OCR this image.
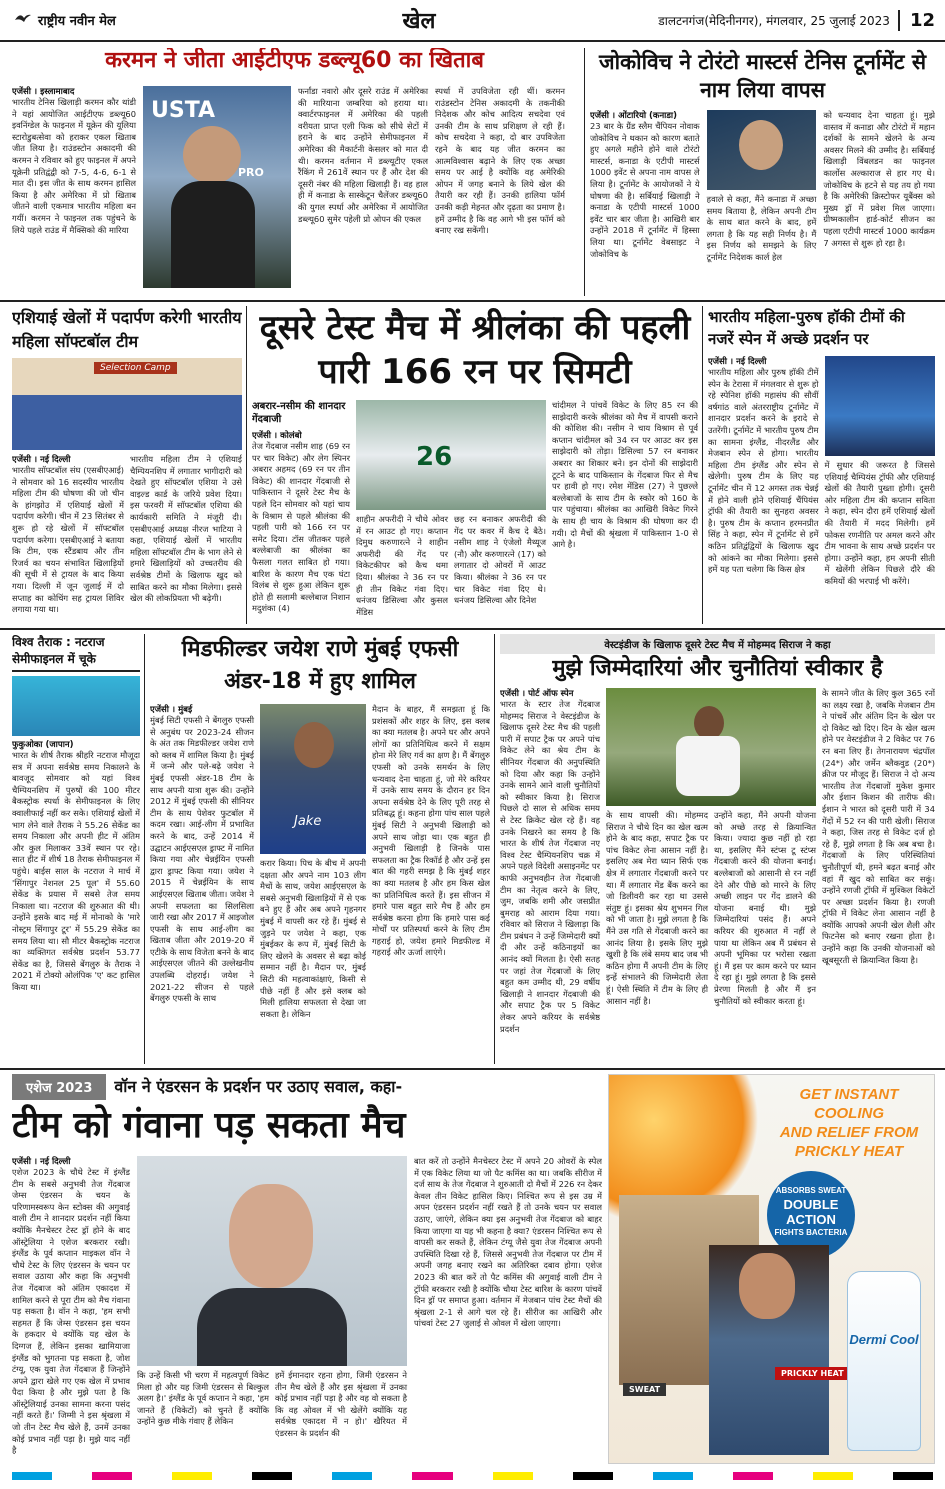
राष्ट्रीय नवीन मेल	खेल	डालटनगंज(मेदिनीनगर), मंगलवार, 25 जुलाई 2023	12
करमन ने जीता आईटीएफ डब्ल्यू60 का खिताब
एजेंसी । इस्लामाबाद
भारतीय टेनिस खिलाड़ी करमन कौर थांडी ने यहां आयोजित आईटीएफ डब्ल्यू60 इवनिंग्डेल के फाइनल में यूक्रेन की यूलिया स्टारोडुबत्सेवा को हराकर एकल खिताब जीत लिया है। राउंडस्टोन अकादमी की करमन ने रविवार को हुए फाइनल में अपने यूक्रेनी प्रतिद्वंद्वी को 7-5, 4-6, 6-1 से मात दी। इस जीत के साथ करमन हासिल किया है और अमेरिका में प्रो खिताब जीतने वाली एकमात्र भारतीय महिला बन गयीं। करमन ने फाइनल तक पहुंचने के लिये पहले राउंड में मैक्सिको की मारिया
USTA
PRO
फर्नांडा नवारो और दूसरे राउंड में अमेरिका की मारियाना जम्बरिया को हराया था। क्वार्टरफाइनल में अमेरिका की पहली वरीयता प्राप्त एली फिक को सीधे सेटों में हराने के बाद उन्होंने सेमीफाइनल में अमेरिका की मैकार्टनी केसलर को मात दी थी। करमन वर्तमान में डब्ल्यूटीए एकल रैंकिंग में 261वें स्थान पर हैं और देश की दूसरी नंबर की महिला खिलाड़ी हैं। वह हाल ही में कनाडा के सास्केटून चैलेंजर डब्ल्यू60 की युगल स्पर्धा और अमेरिका में आयोजित डब्ल्यू60 सुमेर पहेली प्रो ओपन की एकल
स्पर्धा में उपविजेता रही थीं। करमन राउंडस्टोन टेनिस अकादमी के तकनीकी निदेशक और कोच आदित्य सचदेवा एवं उनकी टीम के साथ प्रशिक्षण ले रही हैं। कोच सचदेवा ने कहा, दो बार उपविजेता रहने के बाद यह जीत करमन का आत्मविश्वास बढ़ाने के लिए एक अच्छा समय पर आई है क्योंकि वह अमेरिकी ओपन में जगह बनाने के लिये खेल की तैयारी कर रही हैं। उनकी हालिया फॉर्म उनकी कड़ी मेहनत और दृढ़ता का प्रमाण है। हमें उम्मीद है कि वह आगे भी इस फॉर्म को बनाए रख सकेंगी।
जोकोविच ने टोरंटो मास्टर्स टेनिस टूर्नामेंट से नाम लिया वापस
एजेंसी । ओंटारियो (कनाडा)
23 बार के ग्रैंड स्लैम चैंपियन नोवाक जोकोविच ने थकान को कारण बताते हुए अगले महीने होने वाले टोरंटो मास्टर्स, कनाडा के एटीपी मास्टर्स 1000 इवेंट से अपना नाम वापस ले लिया है। टूर्नामेंट के आयोजकों ने ये घोषणा की है। सर्बियाई खिलाड़ी ने कनाडा के एटीपी मास्टर्स 1000 इवेंट चार बार जीता है। आखिरी बार उन्होंने 2018 में टूर्नामेंट में हिस्सा लिया था। टूर्नामेंट वेबसाइट ने जोकोविच के
हवाले से कहा, मैंने कनाडा में अच्छा समय बिताया है, लेकिन अपनी टीम के साथ बात करने के बाद, हमें लगता है कि यह सही निर्णय है। मैं इस निर्णय को समझने के लिए टूर्नामेंट निदेशक कार्ल हेल
को धन्यवाद देना चाहता हूं। मुझे वास्तव में कनाडा और टोरंटो में महान दर्शकों के सामने खेलने के अन्य अवसर मिलने की उम्मीद है। सर्बियाई खिलाड़ी विंबलडन का फाइनल कार्लोस अल्काराज से हार गए थे। जोकोविच के हटने से यह तय हो गया है कि अमेरिकी क्रिस्टोफर यूबैंक्स को मुख्य ड्रॉ में प्रवेश मिल जाएगा। ग्रीष्मकालीन हार्ड-कोर्ट सीजन का पहला एटीपी मास्टर्स 1000 कार्यक्रम 7 अगस्त से शुरू हो रहा है।
एशियाई खेलों में पदार्पण करेगी भारतीय महिला सॉफ्टबॉल टीम
Selection Camp
एजेंसी । नई दिल्ली
भारतीय सॉफ्टबॉल संघ (एसबीएआई) ने सोमवार को 16 सदस्यीय भारतीय महिला टीम की घोषणा की जो चीन के हांगझोउ में एशियाई खेलों में पदार्पण करेगी। चीन में 23 सितंबर से शुरू हो रहे खेलों में सॉफ्टबॉल पदार्पण करेगा। एसबीएआई ने बताया कि टीम, एक स्टैंडबाय और तीन रिजर्व का चयन संभावित खिलाड़ियों की सूची में से ट्रायल के बाद किया गया। दिल्ली में जून जुलाई में दो सप्ताह का कोचिंग सह ट्रायल शिविर लगाया गया था।
भारतीय महिला टीम ने एशियाई चैम्पियनशिप में लगातार भागीदारी को देखते हुए सॉफ्टबॉल एशिया ने उसे वाइल्ड कार्ड के जरिये प्रवेश दिया। इस फरवरी में सॉफ्टबॉल एशिया की कार्यकारी समिति ने मंजूरी दी। एसबीएआई अध्यक्ष नीरज भाटिया ने कहा, एशियाई खेलों में भारतीय महिला सॉफ्टबॉल टीम के भाग लेने से हमारे खिलाड़ियों को उच्चतरीय की सर्वश्रेष्ठ टीमों के खिलाफ खुद को साबित करने का मौका मिलेगा। इससे खेल की लोकप्रियता भी बढ़ेगी।
दूसरे टेस्ट मैच में श्रीलंका की पहली पारी 166 रन पर सिमटी
अबरार-नसीम की शानदार गेंदबाजी
एजेंसी । कोलंबो
तेज गेंदबाज नसीम शाह (69 रन पर चार विकेट) और लेग स्पिनर अबरार अहमद (69 रन पर तीन विकेट) की शानदार गेंदबाजी से पाकिस्तान ने दूसरे टेस्ट मैच के पहले दिन सोमवार को यहां चाय के विश्राम से पहले श्रीलंका की पहली पारी को 166 रन पर समेट दिया। टॉस जीतकर पहले बल्लेबाजी का श्रीलंका का फैसला गलत साबित हो गया। बारिश के कारण मैच एक घंटा विलंब से शुरू हुआ लेकिन शुरू होते ही सलामी बल्लेबाज निशान मदुशंका (4)
26
शाहीन अफरीदी ने चौथे ओवर में रन आउट हो गए। कप्तान दिमुथ करुणारत्ने ने शाहीन अफरीदी की गेंद पर विकेटकीपर को कैच थमा दिया। श्रीलंका ने 36 रन पर ही तीन विकेट गंवा दिए। धनंजय डिसिल्वा और कुसल मेंडिस
छह रन बनाकर अफरीदी की गेंद पर कवर में कैच दे बैठे। नसीम शाह ने एंजेलो मैथ्यूज (नौ) और करुणारत्ने (17) को लगातार दो ओवरों में आउट किया। श्रीलंका ने 36 रन पर चार विकेट गंवा दिए थे। धनंजय डिसिल्वा और दिनेश
चांदीमल ने पांचवें विकेट के लिए 85 रन की साझेदारी करके श्रीलंका को मैच में वापसी कराने की कोशिश की। नसीम ने चाय विश्राम से पूर्व कप्तान चांदीमल को 34 रन पर आउट कर इस साझेदारी को तोड़ा। डिसिल्वा 57 रन बनाकर अबरार का शिकार बने। इन दोनों की साझेदारी टूटने के बाद पाकिस्तान के गेंदबाज फिर से मैच पर हावी हो गए। रमेश मेंडिस (27) ने पुछल्ले बल्लेबाजों के साथ टीम के स्कोर को 160 के पार पहुंचाया। श्रीलंका का आखिरी विकेट गिरने के साथ ही चाय के विश्राम की घोषणा कर दी गयी। दो मैचों की श्रृंखला में पाकिस्तान 1-0 से आगे है।
भारतीय महिला-पुरुष हॉकी टीमों की नजरें स्पेन में अच्छे प्रदर्शन पर
एजेंसी । नई दिल्ली
भारतीय महिला और पुरुष हॉकी टीमें स्पेन के टेरासा में मंगलवार से शुरू हो रहे स्पेनिश हॉकी महासंघ की सौवीं वर्षगांठ वाले अंतरराष्ट्रीय टूर्नामेंट में शानदार प्रदर्शन करने के इरादे से उतरेंगी। टूर्नामेंट में भारतीय पुरुष टीम का सामना इंग्लैंड, नीदरलैंड और मेजबान स्पेन से होगा। भारतीय महिला टीम इंग्लैंड और स्पेन से खेलेगी। पुरुष टीम के लिए यह टूर्नामेंट चीन में 12 अगस्त तक चेन्नई में होने वाली होने एशियाई चैंपियंस ट्रॉफी की तैयारी का सुनहरा अवसर है। पुरुष टीम के कप्तान हरमनप्रीत सिंह ने कहा, स्पेन में टूर्नामेंट से हमें कठिन प्रतिद्वंद्वियों के खिलाफ खुद को आंकने का मौका मिलेगा। इससे हमें यह पता चलेगा कि किस क्षेत्र
में सुधार की जरूरत है जिससे एशियाई चैम्पियंस ट्रॉफी और एशियाई खेलों की तैयारी पुख्ता होगी। दूसरी ओर महिला टीम की कप्तान सविता ने कहा, स्पेन दौरा हमें एशियाई खेलों की तैयारी में मदद मिलेगी। हमें फोकस रणनीति पर अमल करने और टीम भावना के साथ अच्छे प्रदर्शन पर होगा। उन्होंने कहा, हम अपनी सीती में खेलेंगी लेकिन पिछले दौरे की कमियों की भरपाई भी करेंगे।
विश्व तैराक : नटराज सेमीफाइनल में चूके
फुकुओका (जापान)
भारत के शीर्ष तैराक श्रीहरि नटराज मौजूदा सत्र में अपना सर्वश्रेष्ठ समय निकालने के बावजूद सोमवार को यहां विश्व चैम्पियनशिप में पुरुषों की 100 मीटर बैकस्ट्रोक स्पर्धा के सेमीफाइनल के लिए क्वालीफाई नहीं कर सके। एशियाई खेलों में भाग लेने वाले तैराक ने 55.26 सेकेंड का समय निकाला और अपनी हीट में अंतिम और कुल मिलाकर 33वें स्थान पर रहे। सात हीट में शीर्ष 18 तैराक सेमीफाइनल में पहुंचे। बाईस साल के नटराज ने मार्च में 'सिंगापुर नेशनल 25 पूल' में 55.60 सेकेंड के प्रयास में सबसे तेज समय निकाला था। नटराज की शुरुआत की थी। उन्होंने इसके बाद मई में मोनाको के 'मारे नोस्ट्रम सिंगापुर टूर' में 55.29 सेकेंड का समय लिया था। सौ मीटर बैकस्ट्रोक नटराज का व्यक्तिगत सर्वश्रेष्ठ प्रदर्शन 53.77 सेकेंड का है, जिससे बेंगलुरु के तैराक ने 2021 में टोक्यो ओलंपिक 'ए' कट हासिल किया था।
मिडफील्डर जयेश राणे मुंबई एफसी अंडर-18 में हुए शामिल
एजेंसी । मुंबई
मुंबई सिटी एफसी ने बेंगलुरु एफसी से अनुबंध पर 2023-24 सीजन के अंत तक मिडफील्डर जयेश राणे को क्लब में शामिल किया है। मुंबई में जन्मे और पले-बढ़े जयेश ने मुंबई एफसी अंडर-18 टीम के साथ अपनी यात्रा शुरू की। उन्होंने 2012 में मुंबई एफसी की सीनियर टीम के साथ पेशेवर फुटबॉल में कदम रखा। आई-लीग में प्रभावित करने के बाद, उन्हें 2014 में उद्घाटन आईएसएल ड्राफ्ट में नामित किया गया और चेन्नईयिन एफसी द्वारा ड्राफ्ट किया गया। जयेश ने 2015 में चेन्नईयिन के साथ आईएसएल खिताब जीता। जयेश ने अपनी सफलता का सिलसिला जारी रखा और 2017 में आइजोल एफसी के साथ आई-लीग का खिताब जीता और 2019-20 में एटीके के साथ विजेता बनने के बाद आईएसएल जीतने की उल्लेखनीय उपलब्धि दोहराई। जयेश ने 2021-22 सीजन से पहले बेंगलुरु एफसी के साथ
Jake
करार किया। पिच के बीच में अपनी दक्षता और अपने नाम 103 लीग मैचों के साथ, जयेश आईएसएल के सबसे अनुभवी खिलाड़ियों में से एक बने हुए हैं और अब अपने गृहनगर मुंबई में वापसी कर रहे हैं। मुंबई से जुड़ने पर जयेश ने कहा, एक मुंबईकर के रूप में, मुंबई सिटी के लिए खेलने के अवसर से बढ़ा कोई सम्मान नहीं है। मैदान पर, मुंबई सिटी की महत्वाकांक्षाएं, किसी से पीछे नहीं हैं और इसे क्लब को मिली हालिया सफलता से देखा जा सकता है। लेकिन
मैदान के बाहर, मैं समझता हूं कि प्रशंसकों और शहर के लिए, इस क्लब का क्या मतलब है। अपने घर और अपने लोगों का प्रतिनिधित्व करने में सक्षम होना मेरे लिए गर्व का क्षण है। मैं बेंगलुरु एफसी को उनके समर्थन के लिए धन्यवाद देना चाहता हूं, जो मेरे करियर में उनके साथ समय के दौरान हर दिन अपना सर्वश्रेष्ठ देने के लिए पूरी तरह से प्रतिबद्ध हूं। कहना होगा पांच साल पहले मुंबई सिटी ने अनुभवी खिलाड़ी को अपने साथ जोड़ा था। एक बहुत ही अनुभवी खिलाड़ी है जिनके पास सफलता का ट्रैक रिकॉर्ड है और उन्हें इस बात की गहरी समझ है कि मुंबई शहर का क्या मतलब है और हम किस खेल का प्रतिनिधित्व करते हैं। इस सीजन में हमारे पास बहुत सारे मैच हैं और हम सर्वश्रेष्ठ करना होगा कि हमारे पास कई मोर्चों पर प्रतिस्पर्धा करने के लिए टीम गहराई हो, जयेश हमारे मिडफील्ड में गहराई और ऊर्जा लाएंगे।
वेस्टइंडीज के खिलाफ दूसरे टेस्ट मैच में मोहम्मद सिराज ने कहा
मुझे जिम्मेदारियां और चुनौतियां स्वीकार है
एजेंसी । पोर्ट ऑफ स्पेन
भारत के स्टार तेज गेंदबाज मोहम्मद सिराज ने वेस्टइंडीज के खिलाफ दूसरे टेस्ट मैच की पहली पारी में सपाट ट्रैक पर अपने पांच विकेट लेने का श्रेय टीम के सीनियर गेंदबाज की अनुपस्थिति को दिया और कहा कि उन्होंने उनके सामने आने वाली चुनौतियों को स्वीकार किया है। सिराज पिछले दो साल से अधिक समय से टेस्ट क्रिकेट खेल रहे हैं। वह उनके निखरने का समय है कि भारत के शीर्ष तेज गेंदबाज नए विश्व टेस्ट चैम्पियनशिप चक्र में अपने पहले विदेशी असाइनमेंट पर काफी अनुभवहीन तेज गेंदबाजी टीम का नेतृत्व करने के लिए, जुम, जबकि शमी और जसप्रीत बुमराह को आराम दिया गया। रविवार को सिराज ने खिलाड़ा कि टीम प्रबंधन ने उन्हें जिम्मेदारी क्यों दी और उन्हें कठिनाइयों का आनंद क्यों मिलता है। ऐसी सतह पर जहां तेज गेंदबाजों के लिए बहुत कम उम्मीद थी, 29 वर्षीय खिलाड़ी ने शानदार गेंदबाजी की और सपाट ट्रैक पर 5 विकेट लेकर अपने करियर के सर्वश्रेष्ठ प्रदर्शन
के साथ वापसी की। मोहम्मद सिराज ने चौथे दिन का खेल खत्म होने के बाद कहा, सपाट ट्रैक पर पांच विकेट लेना आसान नहीं है। इसलिए अब मेरा ध्यान सिर्फ एक क्षेत्र में लगातार गेंदबाजी करने पर था। मैं लगातार मेंड बैंक करने का जो डिलीवरी कर रहा था उससे संतुष्ट हूं। इसका श्रेय शुभमन गिल को भी जाता है। मुझे लगता है कि मैंने उस गति से गेंदबाजी करने का आनंद लिया है। इसके लिए मुझे खुशी है कि लंबे समय बाद जब भी कठिन होगा मैं अपनी टीम के लिए इन्हें संभालने की जिम्मेदारी लेता हूं। ऐसी स्थिति में टीम के लिए ही आसान नहीं है।
उन्होंने कहा, मैंने अपनी योजना को अच्छे तरह से क्रियान्वित किया। ज्यादा कुछ नहीं हो रहा था, इसलिए मैंने स्टंप्स टू स्टंप्स गेंदबाजी करने की योजना बनाई। बल्लेबाजों को आसानी से रन नहीं देने और पीछे को मारने के लिए अच्छी लाइन पर गेंद डालने की योजना बनाई थी। मुझे जिम्मेदारियां पसंद हैं। अपने करियर की शुरुआत में नहीं ले पाया था लेकिन अब मैं प्रबंधन से अपनी भूमिका पर भरोसा रखता हूं। मैं इस पर काम करने पर ध्यान दे रहा हूं। मुझे लगता है कि इससे प्रेरणा मिलती है और मैं इन चुनौतियों को स्वीकार करता हूं।
के सामने जीत के लिए कुल 365 रनों का लक्ष्य रखा है, जबकि मेजबान टीम ने पांचवें और अंतिम दिन के खेल पर दो विकेट खो दिए। दिन के खेल खत्म होने पर वेस्टइंडीज ने 2 विकेट पर 76 रन बना लिए हैं। तेगनारायण चंद्रपॉल (24*) और जर्मेन ब्लैकवुड (20*) क्रीज पर मौजूद हैं। सिराज ने दो अन्य भारतीय तेज गेंदबाजों मुकेश कुमार और ईशान किशन की तारीफ की। ईशान ने भारत को दूसरी पारी में 34 गेंदों में 52 रन की पारी खेली। सिराज ने कहा, जिस तरह से विकेट दर्ज हो रहे हैं, मुझे लगता है कि अब बचा है। गेंदबाजों के लिए परिस्थितियां चुनौतीपूर्ण थी, हमने बढ़त बनाई और वहां मैं खुद को साबित कर सकूं। उन्होंने रणजी ट्रॉफी में मुश्किल विकेटों पर अच्छा प्रदर्शन किया है। रणजी ट्रॉफी में विकेट लेना आसान नहीं है क्योंकि आपको अपनी खेल शैली और फिटनेस को बनाए रखना होता है। उन्होंने कहा कि उनकी योजनाओं को खूबसूरती से क्रियान्वित किया है।
एशेज 2023	वॉन ने एंडरसन के प्रदर्शन पर उठाए सवाल, कहा-
टीम को गंवाना पड़ सकता मैच
एजेंसी । नई दिल्ली
एशेज 2023 के चौथे टेस्ट में इंग्लैंड टीम के सबसे अनुभवी तेज गेंदबाज जेम्स एंडरसन के चयन के परिणामस्वरूप केन स्टोक्स की अगुवाई वाली टीम ने शानदार प्रदर्शन नहीं किया क्योंकि मैनचेस्टर टेस्ट ड्रॉ होने के बाद ऑस्ट्रेलिया ने एशेज बरकरार रखी। इंग्लैंड के पूर्व कप्तान माइकल वॉन ने चौथे टेस्ट के लिए एंडरसन के चयन पर सवाल उठाया और कहा कि अनुभवी तेज गेंदबाज को अंतिम एकादश में शामिल करने से पूरा टीम को मैच गंवाना पड़ सकता है। वॉन ने कहा, 'हम सभी सहमत हैं कि जेम्स एंडरसन इस चयन के हकदार थे क्योंकि यह खेल के दिग्गज हैं, लेकिन इसका खामियाजा इंग्लैंड को भुगतना पड़ सकता है, जोश टंग्यू, एक युवा तेज गेंदबाज हैं जिन्होंने अपने द्वारा खेले गए एक खेल में प्रभाव पैदा किया है और मुझे पता है कि ऑस्ट्रेलियाई उनका सामना करना पसंद नहीं करते हैं।' जिम्मी ने इस श्रृंखला में जो तीन टेस्ट मैच खेले हैं, उनमें उनका कोई प्रभाव नहीं पड़ा है। मुझे याद नहीं है
कि उन्हें किसी भी चरण में महत्वपूर्ण विकेट मिला हो और यह जिमी एंडरसन से बिल्कुल अलग है।' इंग्लैंड के पूर्व कप्तान ने कहा, 'हम जानते हैं (विकेटों) को चुनते हैं क्योंकि उन्होंने कुछ मीके गंवाए हैं लेकिन
हमें ईमानदार रहना होगा, जिमी एंडरसन ने तीन मैच खेले हैं और इस श्रृंखला में उनका कोई प्रभाव नहीं पड़ा है और वह वो सकता है कि वह ओवल में भी खेलेंगे क्योंकि यह सर्वश्रेष्ठ एकादश में न हो।' खैरियत में एंडरसन के प्रदर्शन की
बात करें तो उन्होंने मैनचेस्टर टेस्ट में अपने 20 ओवरों के स्पेल में एक विकेट लिया था जो पैट कमिंस का था। जबकि सीरीज में दर्ज साथ के तेज गेंदबाज ने शुरुआती दो मैचों में 226 रन देकर केवल तीन विकेट हासिल किए। निश्चित रूप से इस उम्र में अपन एंडरसन प्रदर्शन नहीं रखते हैं तो उनके चयन पर सवाल उठाए, जाएंगे, लेकिन क्या इस अनुभवी तेज गेंदबाज को बाहर किया जाएगा या यह भी कहना है क्या? एंडरसन निश्चित रूप से वापसी कर सकते हैं, लेकिन टंग्यू जैसे युवा तेज गेंदबाज अपनी उपस्थिति दिखा रहे हैं, जिससे अनुभवी तेज गेंदबाज पर टीम में अपनी जगह बनाए रखने का अतिरिक्त दबाव होगा। एशेज 2023 की बात करें तो पैट कमिंस की अगुवाई वाली टीम ने ट्रॉफी बरकरार रखी है क्योंकि चौथा टेस्ट बारिश के कारण पांचवें दिन ड्रॉ पर समाप्त हुआ। वर्तमान में मेजबान पांच टेस्ट मैचों की श्रृंखला 2-1 से आगे चल रहे हैं। सीरीज का आखिरी और पांचवां टेस्ट 27 जुलाई से ओवल में खेला जाएगा।
GET INSTANT COOLING
AND RELIEF FROM
PRICKLY HEAT
ABSORBS SWEAT
DOUBLE
ACTION
FIGHTS BACTERIA
SWEAT
PRICKLY HEAT
Dermi Cool
